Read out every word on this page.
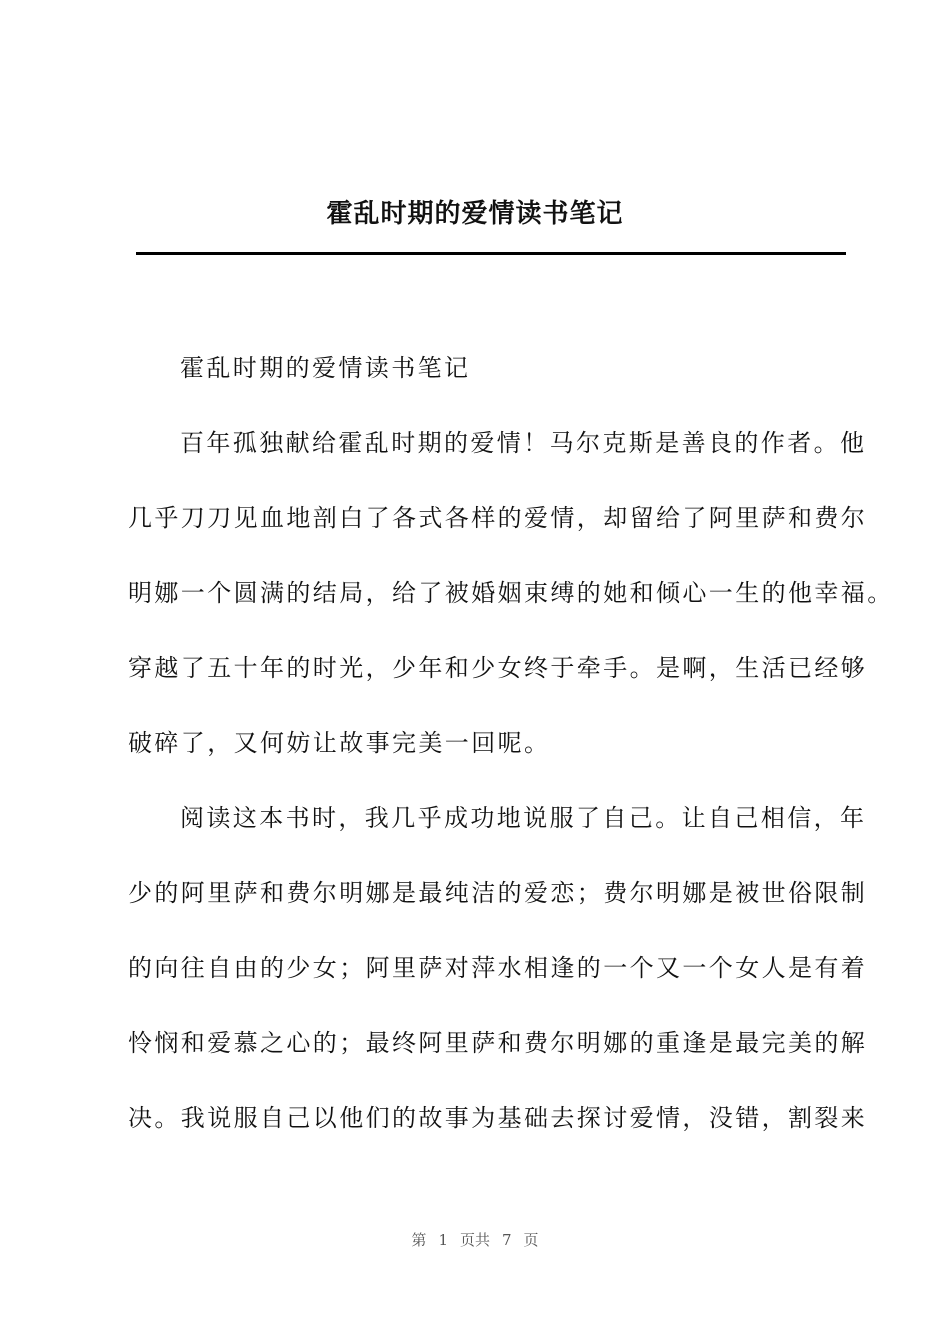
霍乱时期的爱情读书笔记

霍乱时期的爱情读书笔记

百年孤独献给霍乱时期的爱情！马尔克斯是善良的作者。他

几乎刀刀见血地剖白了各式各样的爱情，却留给了阿里萨和费尔

明娜一个圆满的结局，给了被婚姻束缚的她和倾心一生的他幸福。

穿越了五十年的时光，少年和少女终于牵手。是啊，生活已经够

破碎了，又何妨让故事完美一回呢。

阅读这本书时，我几乎成功地说服了自己。让自己相信，年

少的阿里萨和费尔明娜是最纯洁的爱恋；费尔明娜是被世俗限制

的向往自由的少女；阿里萨对萍水相逢的一个又一个女人是有着

怜悯和爱慕之心的；最终阿里萨和费尔明娜的重逢是最完美的解

决。我说服自己以他们的故事为基础去探讨爱情，没错，割裂来

第 1 页共 7 页
